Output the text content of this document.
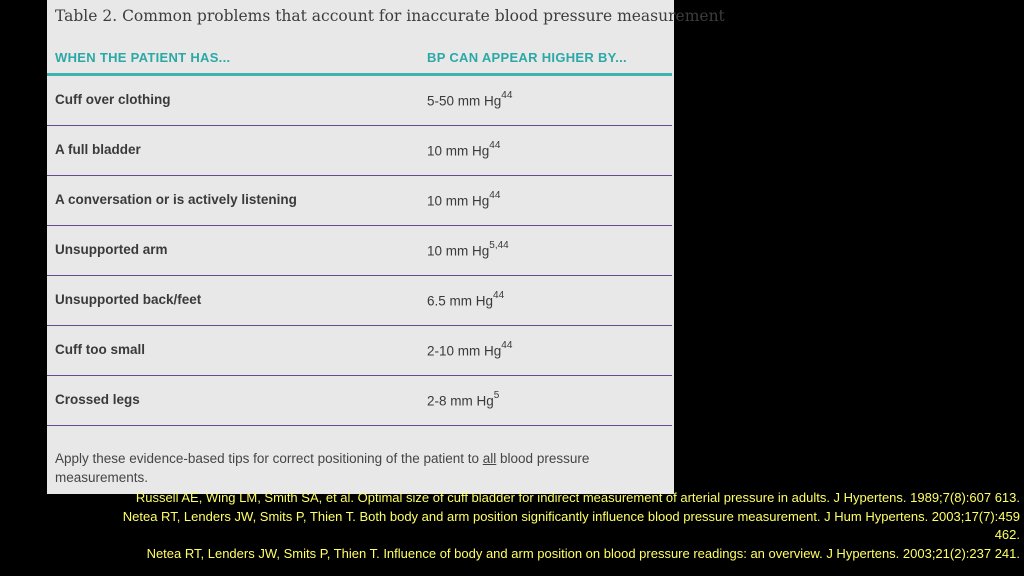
Table 2. Common problems that account for inaccurate blood pressure measurement
WHEN THE PATIENT HAS...	BP CAN APPEAR HIGHER BY...
Cuff over clothing	5-50 mm Hg$^{44}$
A full bladder	10 mm Hg$^{44}$
A conversation or is actively listening	10 mm Hg$^{44}$
Unsupported arm	10 mm Hg$^{5,44}$
Unsupported back/feet	6.5 mm Hg$^{44}$
Cuff too small	2-10 mm Hg$^{44}$
Crossed legs	2-8 mm Hg$^5$
Apply these evidence-based tips for correct positioning of the patient to all blood pressure measurements.
Russell AE, Wing LM, Smith SA, et al. Optimal size of cuff bladder for indirect measurement of arterial pressure in adults. J Hypertens. 1989;7(8):607 613.
Netea RT, Lenders JW, Smits P, Thien T. Both body and arm position significantly influence blood pressure measurement. J Hum Hypertens. 2003;17(7):459
462.
Netea RT, Lenders JW, Smits P, Thien T. Influence of body and arm position on blood pressure readings: an overview. J Hypertens. 2003;21(2):237 241.
